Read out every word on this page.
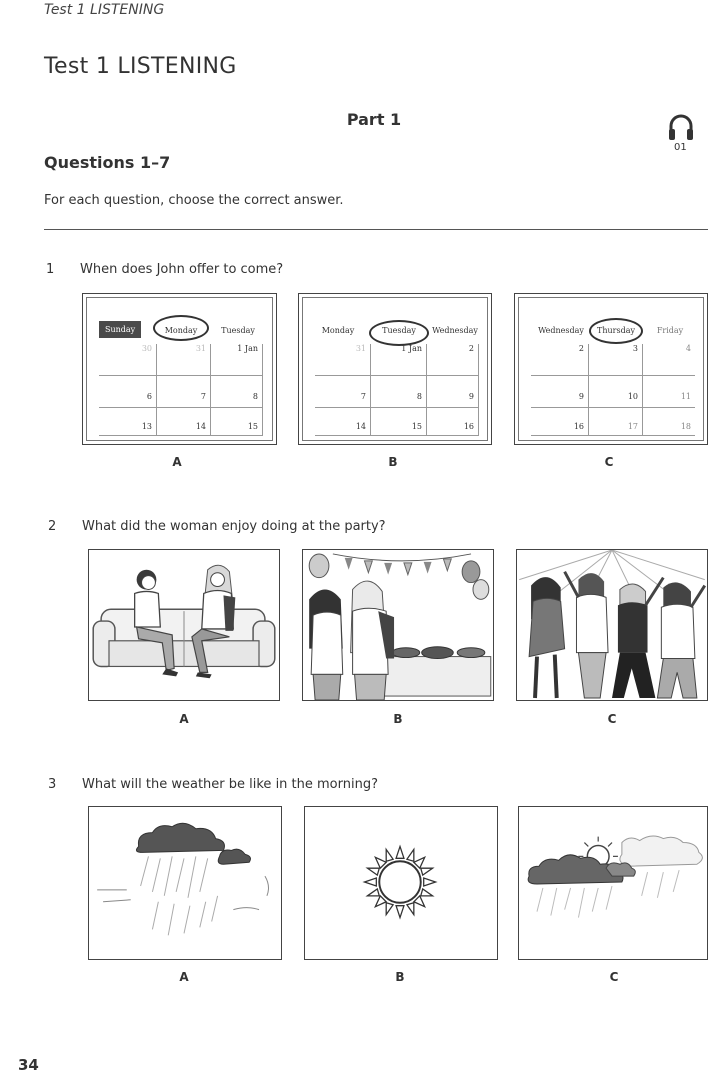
Test 1 LISTENING
Test 1 LISTENING
Part 1
01
Questions 1–7
For each question, choose the correct answer.
1 When does John offer to come?
Sunday	Monday	Tuesday
30	31	1 Jan
6	7	8
13	14	15
A
Monday	Tuesday	Wednesday
31	1 Jan	2
7	8	9
14	15	16
B
Wednesday	Thursday	Friday
2	3	4
9	10	11
16	17	18
C
2 What did the woman enjoy doing at the party?
A	B	C
3 What will the weather be like in the morning?
A	B	C
34
